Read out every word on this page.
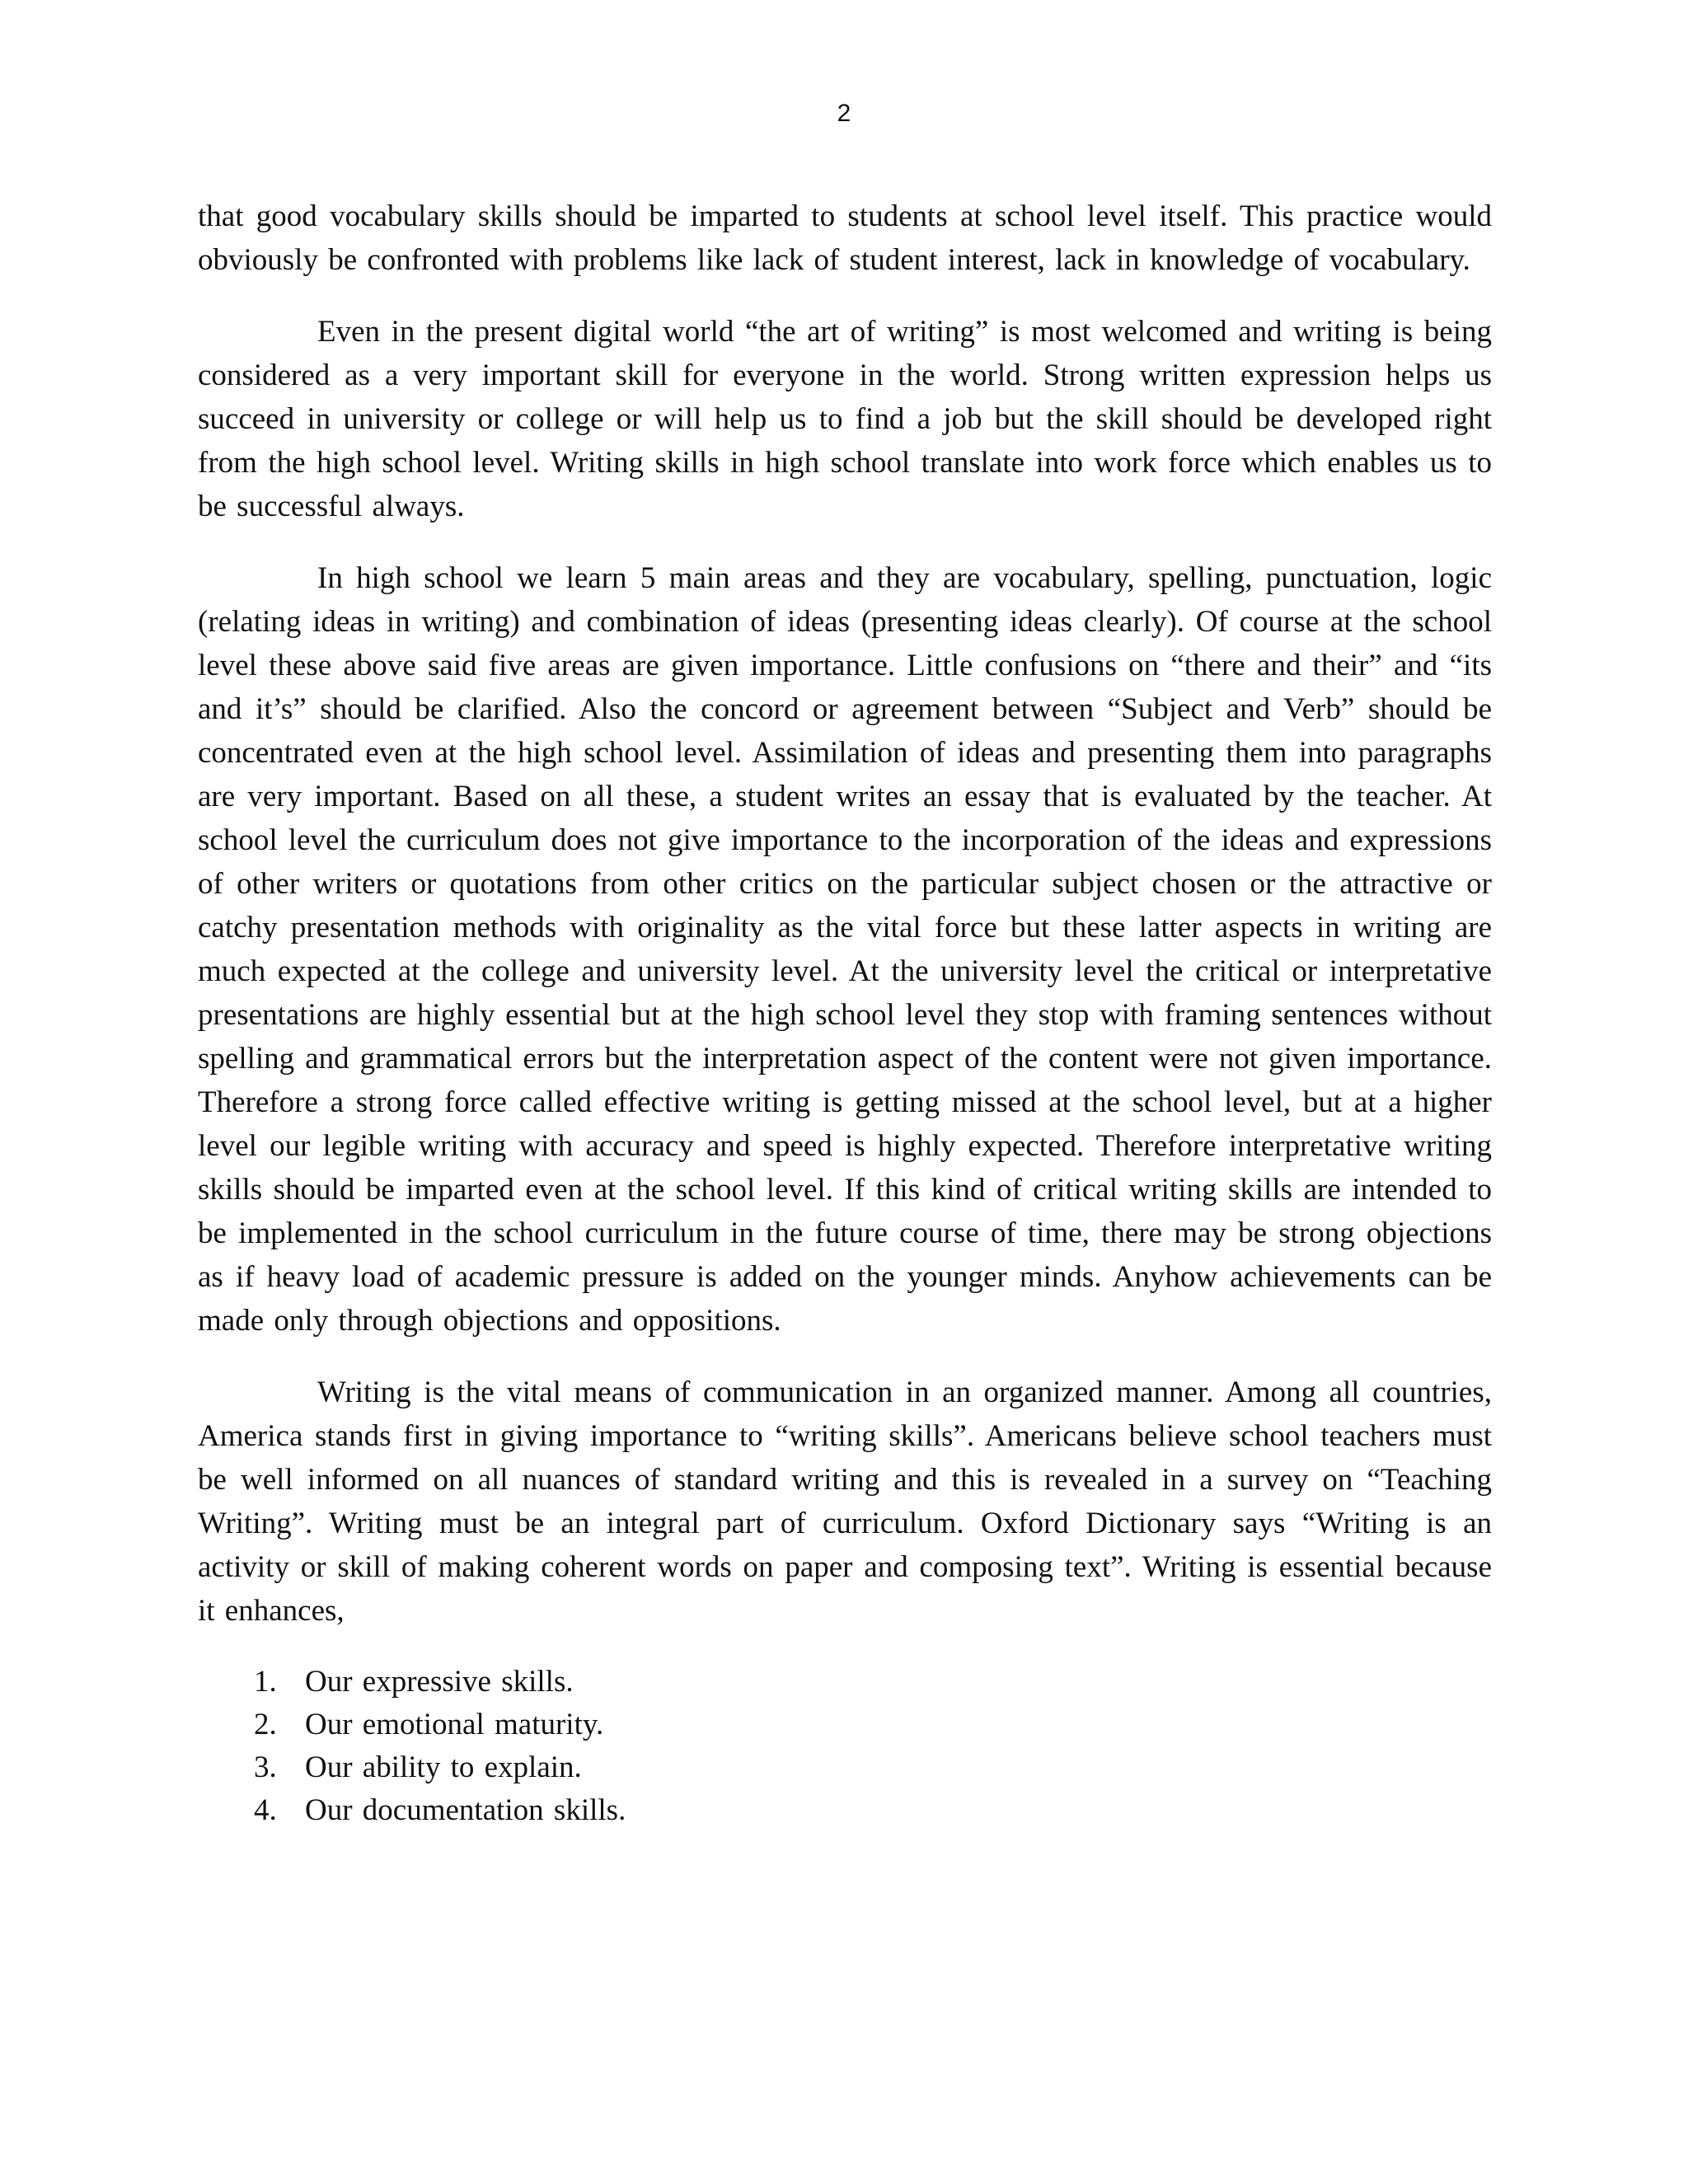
2

that good vocabulary skills should be imparted to students at school level itself. This practice would obviously be confronted with problems like lack of student interest, lack in knowledge of vocabulary.

Even in the present digital world “the art of writing” is most welcomed and writing is being considered as a very important skill for everyone in the world. Strong written expression helps us succeed in university or college or will help us to find a job but the skill should be developed right from the high school level. Writing skills in high school translate into work force which enables us to be successful always.

In high school we learn 5 main areas and they are vocabulary, spelling, punctuation, logic (relating ideas in writing) and combination of ideas (presenting ideas clearly). Of course at the school level these above said five areas are given importance. Little confusions on “there and their” and “its and it’s” should be clarified. Also the concord or agreement between “Subject and Verb” should be concentrated even at the high school level. Assimilation of ideas and presenting them into paragraphs are very important. Based on all these, a student writes an essay that is evaluated by the teacher. At school level the curriculum does not give importance to the incorporation of the ideas and expressions of other writers or quotations from other critics on the particular subject chosen or the attractive or catchy presentation methods with originality as the vital force but these latter aspects in writing are much expected at the college and university level. At the university level the critical or interpretative presentations are highly essential but at the high school level they stop with framing sentences without spelling and grammatical errors but the interpretation aspect of the content were not given importance. Therefore a strong force called effective writing is getting missed at the school level, but at a higher level our legible writing with accuracy and speed is highly expected. Therefore interpretative writing skills should be imparted even at the school level. If this kind of critical writing skills are intended to be implemented in the school curriculum in the future course of time, there may be strong objections as if heavy load of academic pressure is added on the younger minds. Anyhow achievements can be made only through objections and oppositions.

Writing is the vital means of communication in an organized manner. Among all countries, America stands first in giving importance to “writing skills”. Americans believe school teachers must be well informed on all nuances of standard writing and this is revealed in a survey on “Teaching Writing”. Writing must be an integral part of curriculum. Oxford Dictionary says “Writing is an activity or skill of making coherent words on paper and composing text”. Writing is essential because it enhances,

1. Our expressive skills.
2. Our emotional maturity.
3. Our ability to explain.
4. Our documentation skills.
